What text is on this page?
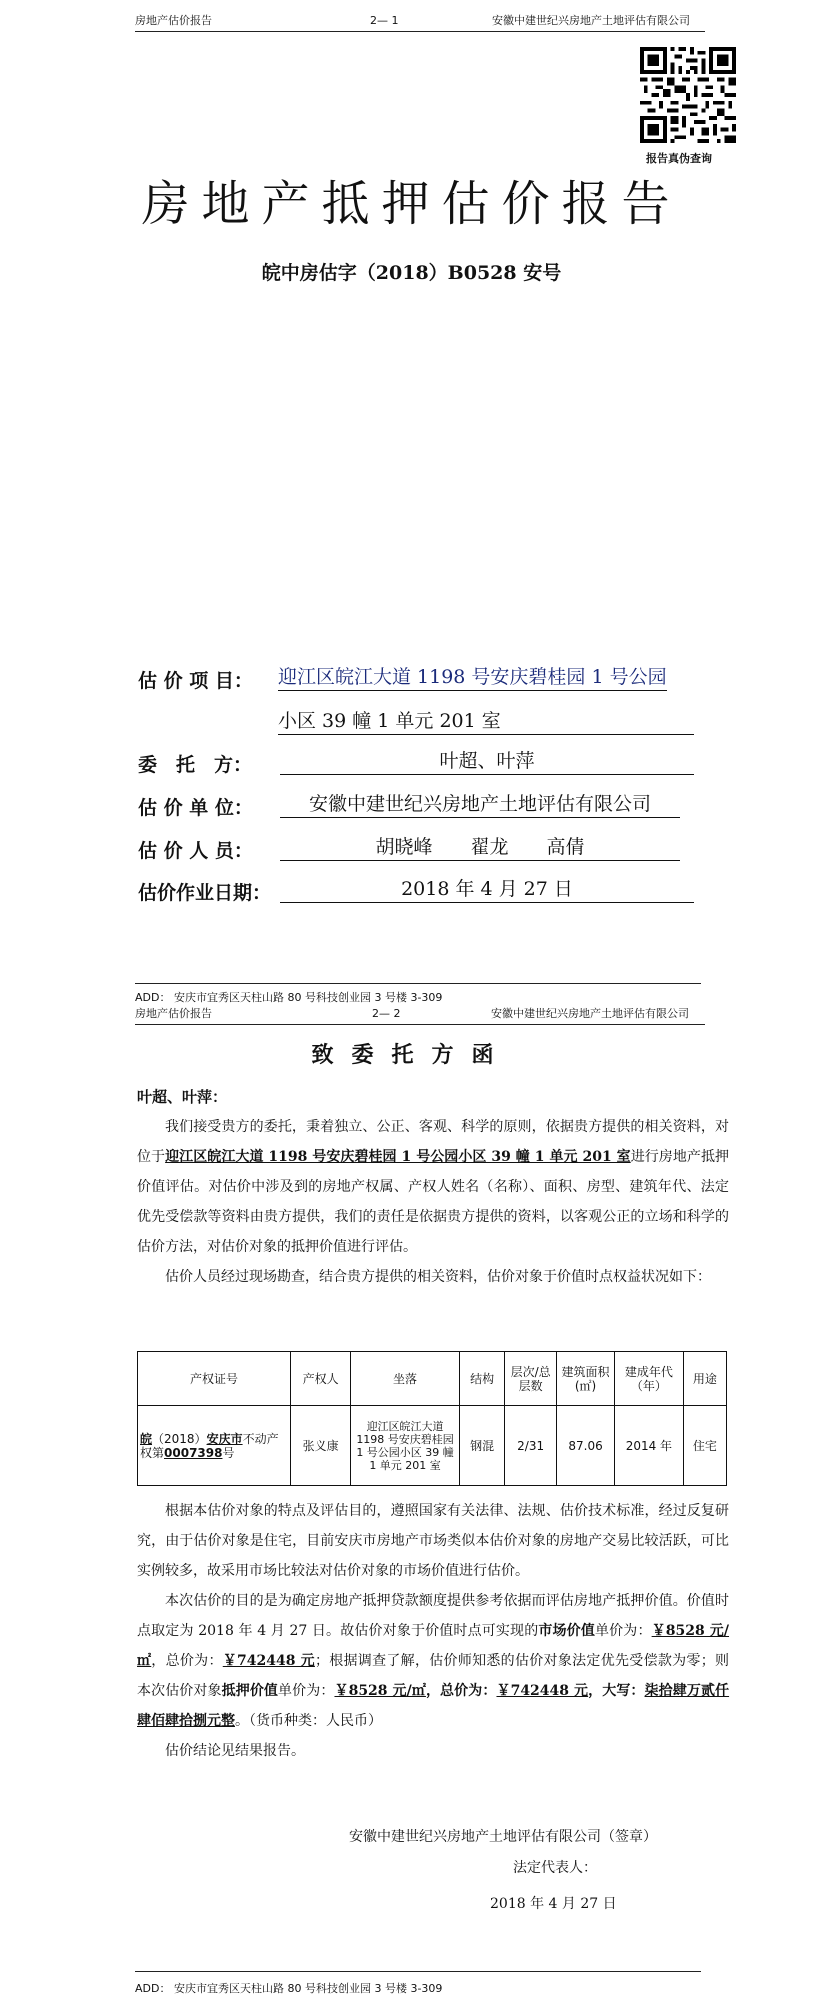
房地产估价报告	2— 1	安徽中建世纪兴房地产土地评估有限公司
报告真伪查询
房地产抵押估价报告
皖中房估字（2018）B0528 安号
估 价 项 目： 迎江区皖江大道 1198 号安庆碧桂园 1 号公园
小区 39 幢 1 单元 201 室
委　托　方：	叶超、叶萍
估 价 单 位：	安徽中建世纪兴房地产土地评估有限公司
估 价 人 员：	胡晓峰　　翟龙　　高倩
估价作业日期：	2018 年 4 月 27 日
ADD： 安庆市宜秀区天柱山路 80 号科技创业园 3 号楼 3-309
房地产估价报告	2— 2	安徽中建世纪兴房地产土地评估有限公司
致委托方函
叶超、叶萍：

我们接受贵方的委托，秉着独立、公正、客观、科学的原则，依据贵方提供的相关资料，对位于迎江区皖江大道 1198 号安庆碧桂园 1 号公园小区 39 幢 1 单元 201 室进行房地产抵押价值评估。对估价中涉及到的房地产权属、产权人姓名（名称）、面积、房型、建筑年代、法定优先受偿款等资料由贵方提供，我们的责任是依据贵方提供的资料，以客观公正的立场和科学的估价方法，对估价对象的抵押价值进行评估。

估价人员经过现场勘查，结合贵方提供的相关资料，估价对象于价值时点权益状况如下：

产权证号	产权人	坐落	结构	层次/总层数	建筑面积(㎡)	建成年代（年）	用途
皖（2018）安庆市不动产权第0007398号	张义康	迎江区皖江大道 1198 号安庆碧桂园 1 号公园小区 39 幢 1 单元 201 室	钢混	2/31	87.06	2014 年	住宅

根据本估价对象的特点及评估目的，遵照国家有关法律、法规、估价技术标准，经过反复研究，由于估价对象是住宅，目前安庆市房地产市场类似本估价对象的房地产交易比较活跃，可比实例较多，故采用市场比较法对估价对象的市场价值进行估价。

本次估价的目的是为确定房地产抵押贷款额度提供参考依据而评估房地产抵押价值。价值时点取定为 2018 年 4 月 27 日。故估价对象于价值时点可实现的市场价值单价为：￥8528 元/㎡，总价为：￥742448 元；根据调查了解，估价师知悉的估价对象法定优先受偿款为零；则本次估价对象抵押价值单价为：￥8528 元/㎡，总价为：￥742448 元，大写：柒拾肆万贰仟肆佰肆拾捌元整。（货币种类：人民币）

估价结论见结果报告。

安徽中建世纪兴房地产土地评估有限公司（签章）
法定代表人：
2018 年 4 月 27 日
ADD： 安庆市宜秀区天柱山路 80 号科技创业园 3 号楼 3-309
